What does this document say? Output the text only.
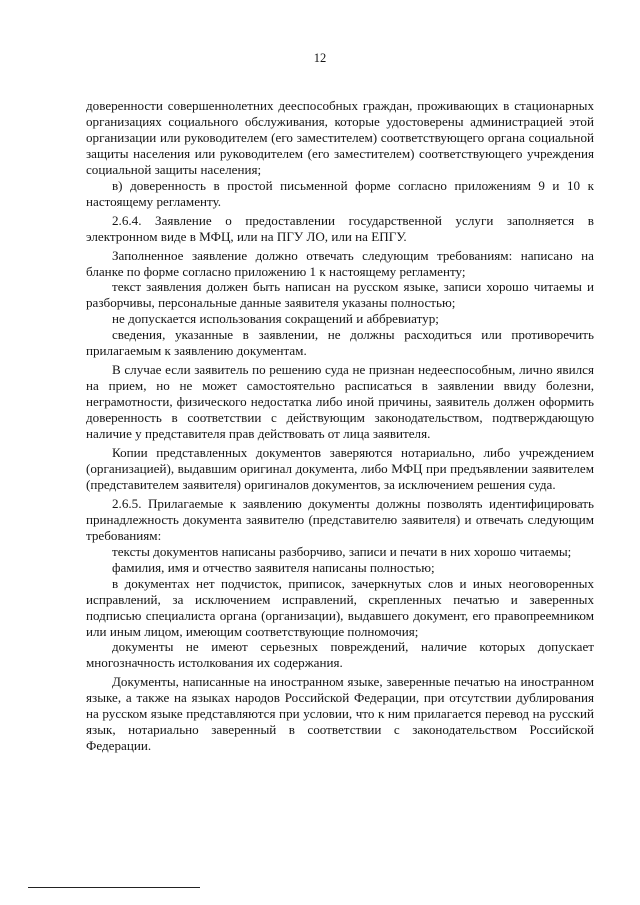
12

доверенности совершеннолетних дееспособных граждан, проживающих в стационарных организациях социального обслуживания, которые удостоверены администрацией этой организации или руководителем (его заместителем) соответствующего органа социальной защиты населения или руководителем (его заместителем) соответствующего учреждения социальной защиты населения;

в) доверенность в простой письменной форме согласно приложениям 9 и 10 к настоящему регламенту.

2.6.4. Заявление о предоставлении государственной услуги заполняется в электронном виде в МФЦ, или на ПГУ ЛО, или на ЕПГУ.

Заполненное заявление должно отвечать следующим требованиям: написано на бланке по форме согласно приложению 1 к настоящему регламенту;

текст заявления должен быть написан на русском языке, записи хорошо читаемы и разборчивы, персональные данные заявителя указаны полностью;

не допускается использования сокращений и аббревиатур;

сведения, указанные в заявлении, не должны расходиться или противоречить прилагаемым к заявлению документам.

В случае если заявитель по решению суда не признан недееспособным, лично явился на прием, но не может самостоятельно расписаться в заявлении ввиду болезни, неграмотности, физического недостатка либо иной причины, заявитель должен оформить доверенность в соответствии с действующим законодательством, подтверждающую наличие у представителя прав действовать от лица заявителя.

Копии представленных документов заверяются нотариально, либо учреждением (организацией), выдавшим оригинал документа, либо МФЦ при предъявлении заявителем (представителем заявителя) оригиналов документов, за исключением решения суда.

2.6.5. Прилагаемые к заявлению документы должны позволять идентифицировать принадлежность документа заявителю (представителю заявителя) и отвечать следующим требованиям:

тексты документов написаны разборчиво, записи и печати в них хорошо читаемы;

фамилия, имя и отчество заявителя написаны полностью;

в документах нет подчисток, приписок, зачеркнутых слов и иных неоговоренных исправлений, за исключением исправлений, скрепленных печатью и заверенных подписью специалиста органа (организации), выдавшего документ, его правопреемником или иным лицом, имеющим соответствующие полномочия;

документы не имеют серьезных повреждений, наличие которых допускает многозначность истолкования их содержания.

Документы, написанные на иностранном языке, заверенные печатью на иностранном языке, а также на языках народов Российской Федерации, при отсутствии дублирования на русском языке представляются при условии, что к ним прилагается перевод на русский язык, нотариально заверенный в соответствии с законодательством Российской Федерации.
